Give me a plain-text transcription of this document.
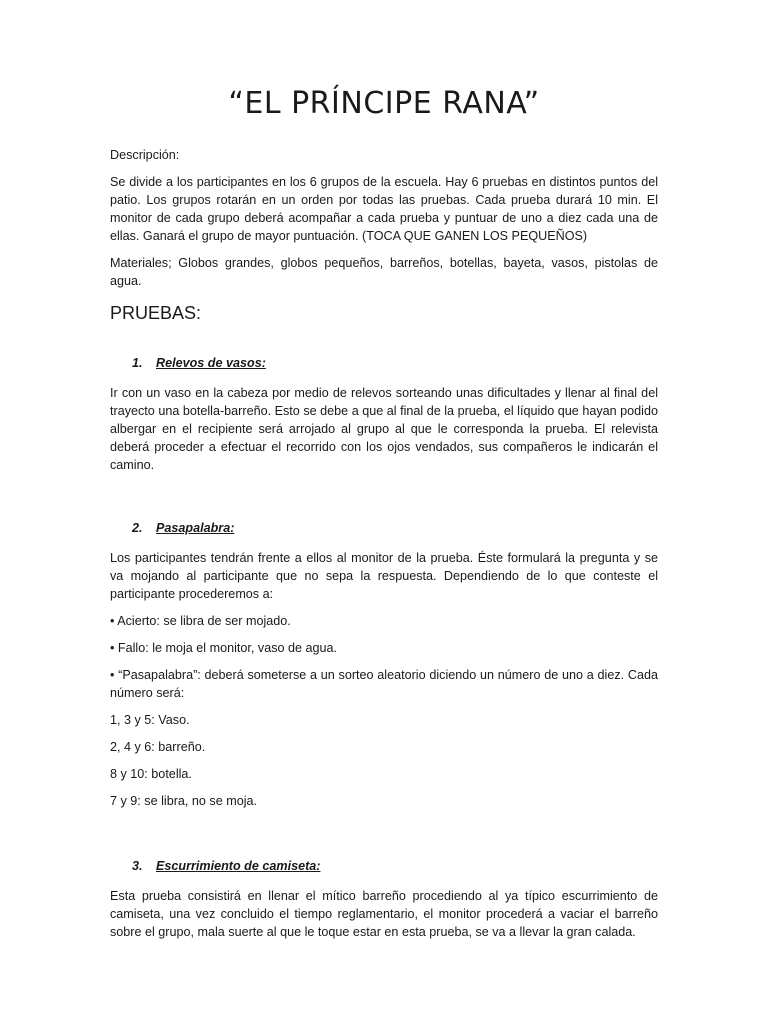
“EL PRÍNCIPE RANA”

Descripción:

Se divide a los participantes en los 6 grupos de la escuela. Hay 6 pruebas en distintos puntos del patio. Los grupos rotarán en un orden por todas las pruebas. Cada prueba durará 10 min. El monitor de cada grupo deberá acompañar a cada prueba y puntuar de uno a diez cada una de ellas. Ganará el grupo de mayor puntuación. (TOCA QUE GANEN LOS PEQUEÑOS)

Materiales; Globos grandes, globos pequeños, barreños, botellas, bayeta, vasos, pistolas de agua.

PRUEBAS:
1. Relevos de vasos:

Ir con un vaso en la cabeza por medio de relevos sorteando unas dificultades y llenar al final del trayecto una botella-barreño. Esto se debe a que al final de la prueba, el líquido que hayan podido albergar en el recipiente será arrojado al grupo al que le corresponda la prueba. El relevista deberá proceder a efectuar el recorrido con los ojos vendados, sus compañeros le indicarán el camino.

2. Pasapalabra:

Los participantes tendrán frente a ellos al monitor de la prueba. Éste formulará la pregunta y se va mojando al participante que no sepa la respuesta. Dependiendo de lo que conteste el participante procederemos a:

• Acierto: se libra de ser mojado.

• Fallo: le moja el monitor, vaso de agua.

• “Pasapalabra”: deberá someterse a un sorteo aleatorio diciendo un número de uno a diez. Cada número será:

1, 3 y 5: Vaso.

2, 4 y 6: barreño.

8 y 10: botella.

7 y 9: se libra, no se moja.

3. Escurrimiento de camiseta:

Esta prueba consistirá en llenar el mítico barreño procediendo al ya típico escurrimiento de camiseta, una vez concluido el tiempo reglamentario, el monitor procederá a vaciar el barreño sobre el grupo, mala suerte al que le toque estar en esta prueba, se va a llevar la gran calada.
